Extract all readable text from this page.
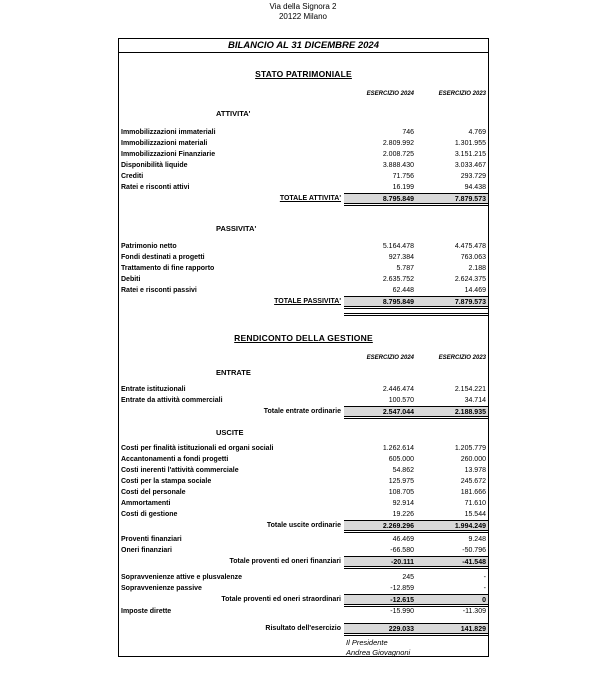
Via della Signora 2
20122 Milano
BILANCIO AL 31 DICEMBRE 2024
STATO PATRIMONIALE
ESERCIZIO 2024	ESERCIZIO 2023
ATTIVITA'
Immobilizzazioni immateriali	746	4.769
Immobilizzazioni materiali	2.809.992	1.301.955
Immobilizzazioni Finanziarie	2.008.725	3.151.215
Disponibilità liquide	3.888.430	3.033.467
Crediti	71.756	293.729
Ratei e risconti attivi	16.199	94.438
TOTALE ATTIVITA'	8.795.849	7.879.573
PASSIVITA'
Patrimonio netto	5.164.478	4.475.478
Fondi destinati a progetti	927.384	763.063
Trattamento di fine rapporto	5.787	2.188
Debiti	2.635.752	2.624.375
Ratei e risconti passivi	62.448	14.469
TOTALE PASSIVITA'	8.795.849	7.879.573
RENDICONTO DELLA GESTIONE
ESERCIZIO 2024	ESERCIZIO 2023
ENTRATE
Entrate istituzionali	2.446.474	2.154.221
Entrate da attività commerciali	100.570	34.714
Totale entrate ordinarie	2.547.044	2.188.935
USCITE
Costi per finalità istituzionali ed organi sociali	1.262.614	1.205.779
Accantonamenti a fondi progetti	605.000	260.000
Costi inerenti l'attività commerciale	54.862	13.978
Costi per la stampa sociale	125.975	245.672
Costi del personale	108.705	181.666
Ammortamenti	92.914	71.610
Costi di gestione	19.226	15.544
Totale uscite ordinarie	2.269.296	1.994.249
Proventi finanziari	46.469	9.248
Oneri finanziari	-66.580	-50.796
Totale proventi ed oneri finanziari	-20.111	-41.548
Sopravvenienze attive e plusvalenze	245	-
Sopravvenienze passive	-12.859	-
Totale proventi ed oneri straordinari	-12.615	0
Imposte dirette	-15.990	-11.309
Risultato dell'esercizio	229.033	141.829
Il Presidente
Andrea Giovagnoni
